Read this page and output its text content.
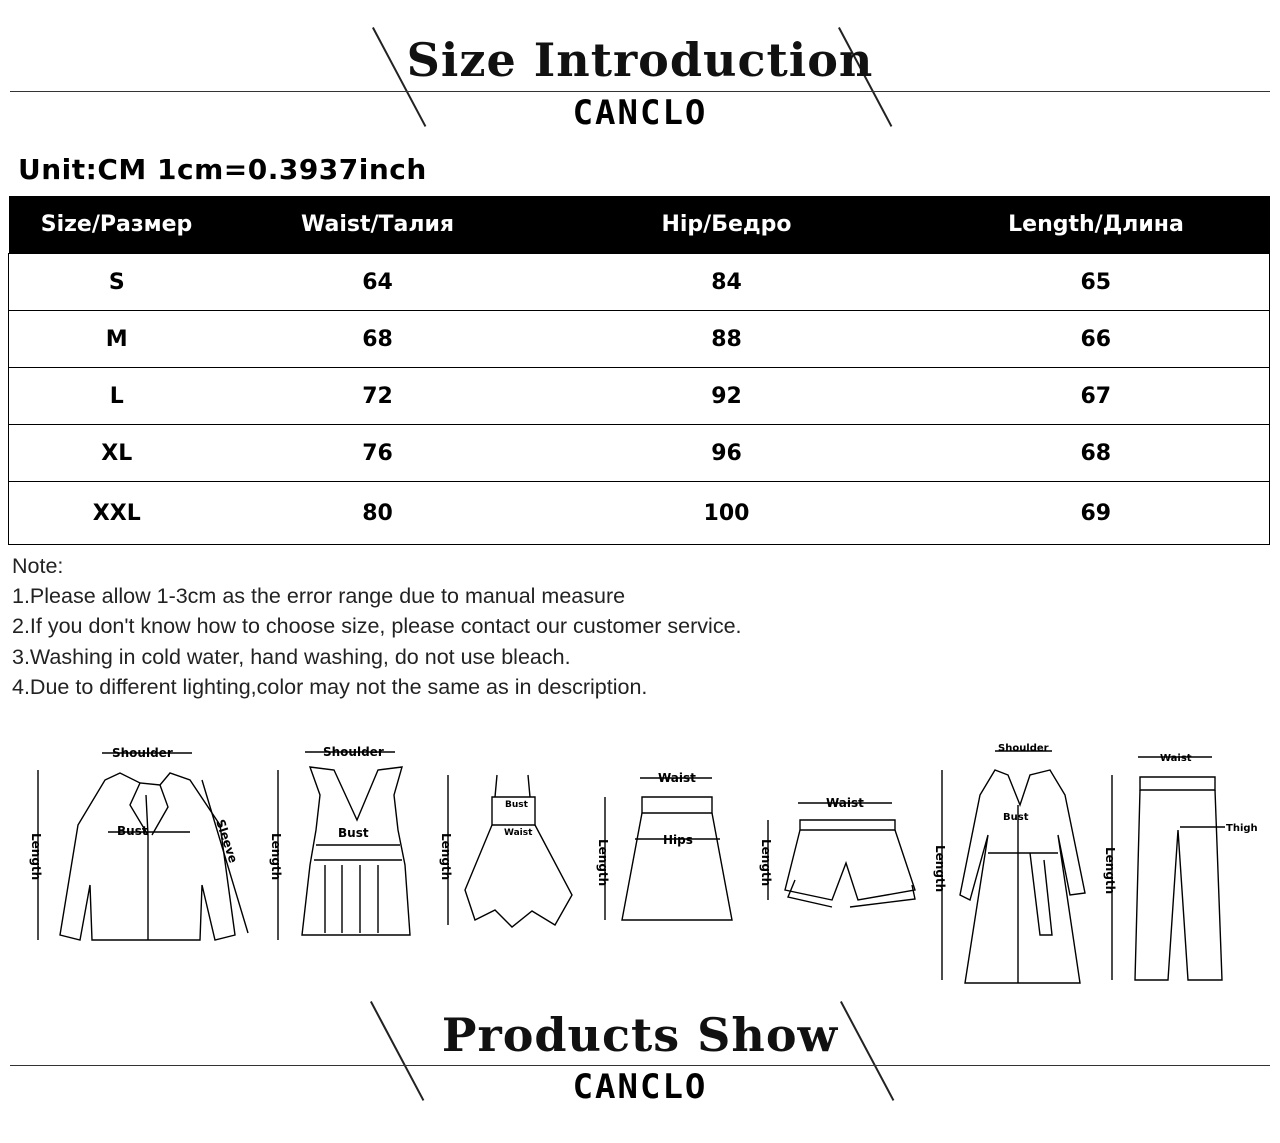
Size Introduction
CANCLO
Unit:CM 1cm=0.3937inch
Size/Размер	Waist/Талия	Hip/Бедро	Length/Длина
S	64	84	65
M	68	88	66
L	72	92	67
XL	76	96	68
XXL	80	100	69
Note:
1.Please allow 1-3cm as the error range due to manual measure
2.If you don't know how to choose size, please contact our customer service.
3.Washing in cold water, hand washing, do not use bleach.
4.Due to different lighting,color may not the same as in description.
Shoulder
Length
Bust	Sleeve
Shoulder
Length	Bust	Length
Bust
Waist
Waist
Length	Hips
Waist
Length
Shoulder
Length
Bust
Waist
Length
Thigh
Products Show
CANCLO
